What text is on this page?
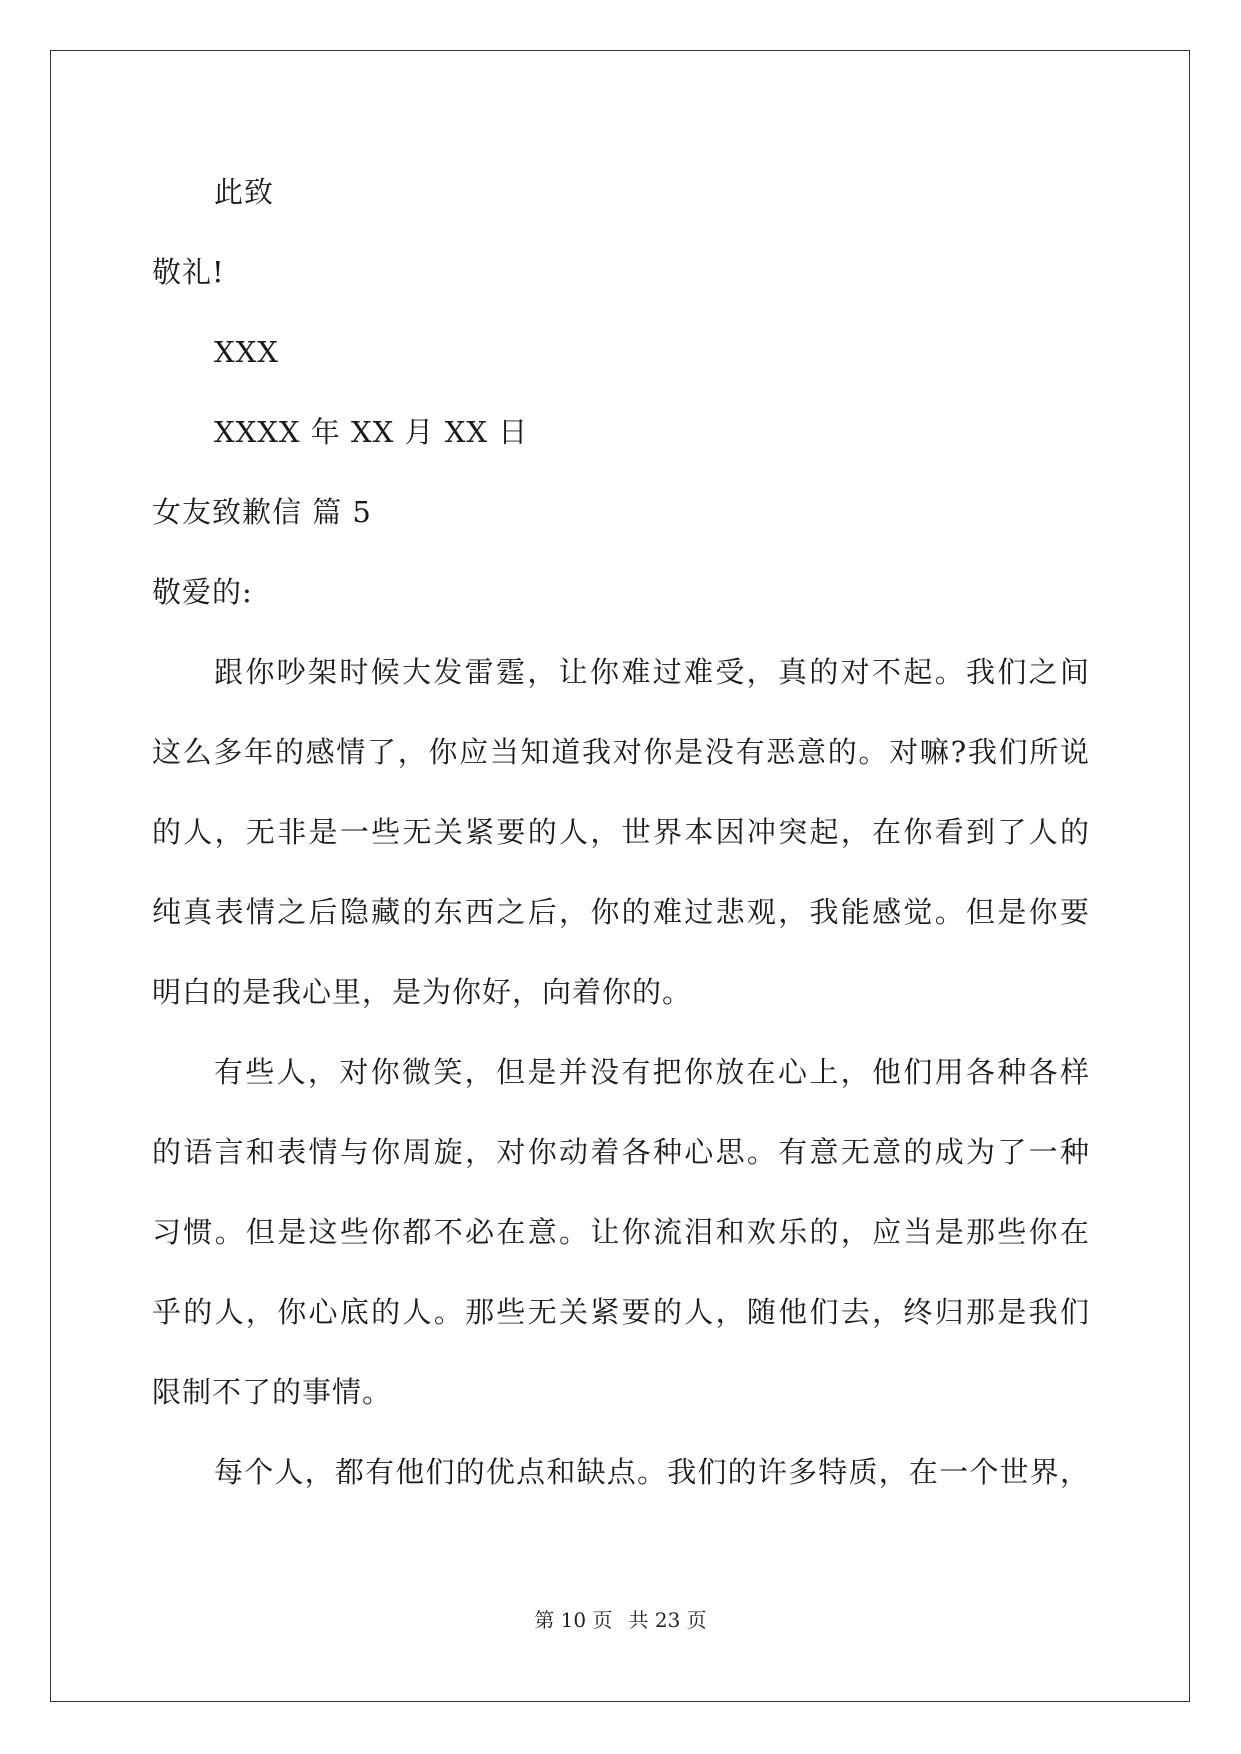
此致
敬礼!
XXX
XXXX 年 XX 月 XX 日
女友致歉信 篇 5
敬爱的:
跟你吵架时候大发雷霆，让你难过难受，真的对不起。我们之间
这么多年的感情了，你应当知道我对你是没有恶意的。对嘛?我们所说
的人，无非是一些无关紧要的人，世界本因冲突起，在你看到了人的
纯真表情之后隐藏的东西之后，你的难过悲观，我能感觉。但是你要
明白的是我心里，是为你好，向着你的。
有些人，对你微笑，但是并没有把你放在心上，他们用各种各样
的语言和表情与你周旋，对你动着各种心思。有意无意的成为了一种
习惯。但是这些你都不必在意。让你流泪和欢乐的，应当是那些你在
乎的人，你心底的人。那些无关紧要的人，随他们去，终归那是我们
限制不了的事情。
每个人，都有他们的优点和缺点。我们的许多特质，在一个世界，
第 10 页 共 23 页
